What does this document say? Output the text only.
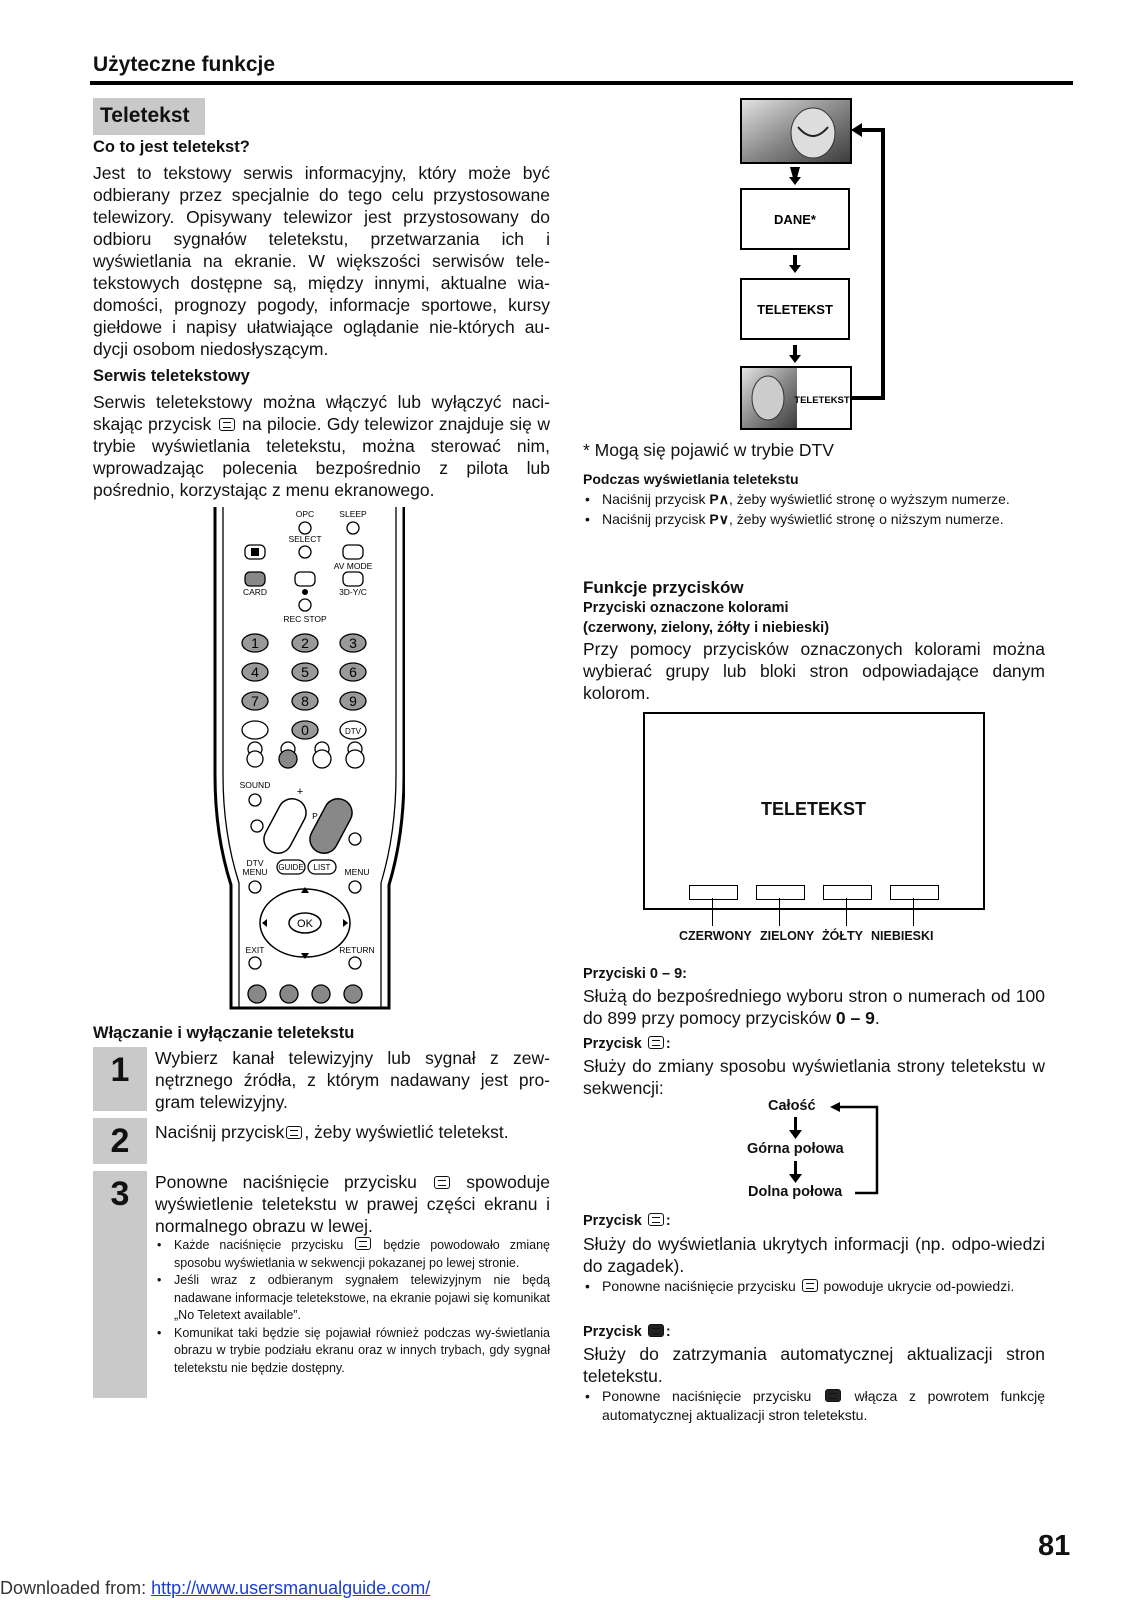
Użyteczne funkcje
Teletekst
Co to jest teletekst?
Jest to tekstowy serwis informacyjny, który może być odbierany przez specjalnie do tego celu przystosowane telewizory. Opisywany telewizor jest przystosowany do odbioru sygnałów teletekstu, przetwarzania ich i wyświetlania na ekranie. W większości serwisów tele-tekstowych dostępne są, między innymi, aktualne wia-domości, prognozy pogody, informacje sportowe, kursy giełdowe i napisy ułatwiające oglądanie nie-których au-dycji osobom niedosłyszącym.
Serwis teletekstowy
Serwis teletekstowy można włączyć lub wyłączyć naci-skając przycisk na pilocie. Gdy telewizor znajduje się w trybie wyświetlania teletekstu, można sterować nim, wprowadzając polecenia bezpośrednio z pilota lub pośrednio, korzystając z menu ekranowego.
OPC	SLEEP
SELECT
AV MODE
CARD	3D-Y/C
REC STOP
1	2	3
4	5	6
7	8	9
0	DTV
SOUND
+
P
DTV
MENU GUIDE LIST MENU
OK
EXIT	RETURN
Włączanie i wyłączanie teletekstu
1	Wybierz kanał telewizyjny lub sygnał z zew-nętrznego źródła, z którym nadawany jest pro-gram telewizyjny.
2	Naciśnij przycisk , żeby wyświetlić teletekst.
3	Ponowne naciśnięcie przycisku	spowoduje wyświetlenie teletekstu w prawej części ekranu i normalnego obrazu w lewej.
• Każde naciśnięcie przycisku	będzie powodowało zmianę sposobu wyświetlania w sekwencji pokazanej po lewej stronie.
• Jeśli wraz z odbieranym sygnałem telewizyjnym nie będą nadawane informacje teletekstowe, na ekranie pojawi się komunikat „No Teletext available”.
• Komunikat taki będzie się pojawiał również podczas wy-świetlania obrazu w trybie podziału ekranu oraz w innych trybach, gdy sygnał teletekstu nie będzie dostępny.
DANE*
TELETEKST
TELETEKST
* Mogą się pojawić w trybie DTV
Podczas wyświetlania teletekstu
• Naciśnij przycisk P∧, żeby wyświetlić stronę o wyższym numerze.
• Naciśnij przycisk P∨, żeby wyświetlić stronę o niższym numerze.
Funkcje przycisków
Przyciski oznaczone kolorami
(czerwony, zielony, żółty i niebieski)
Przy pomocy przycisków oznaczonych kolorami można wybierać grupy lub bloki stron odpowiadające danym kolorom.
TELETEKST
CZERWONY ZIELONY ŻÓŁTY NIEBIESKI
Przyciski 0 – 9:
Służą do bezpośredniego wyboru stron o numerach od 100 do 899 przy pomocy przycisków 0 – 9.
Przycisk :
Służy do zmiany sposobu wyświetlania strony teletekstu w sekwencji:
Całość
Górna połowa
Dolna połowa
Przycisk :
Służy do wyświetlania ukrytych informacji (np. odpo-wiedzi do zagadek).
• Ponowne naciśnięcie przycisku powoduje ukrycie od-powiedzi.
Przycisk :
Służy do zatrzymania automatycznej aktualizacji stron teletekstu.
• Ponowne naciśnięcie przycisku	włącza z powrotem funkcję automatycznej aktualizacji stron teletekstu.
81
Downloaded from: http://www.usersmanualguide.com/
